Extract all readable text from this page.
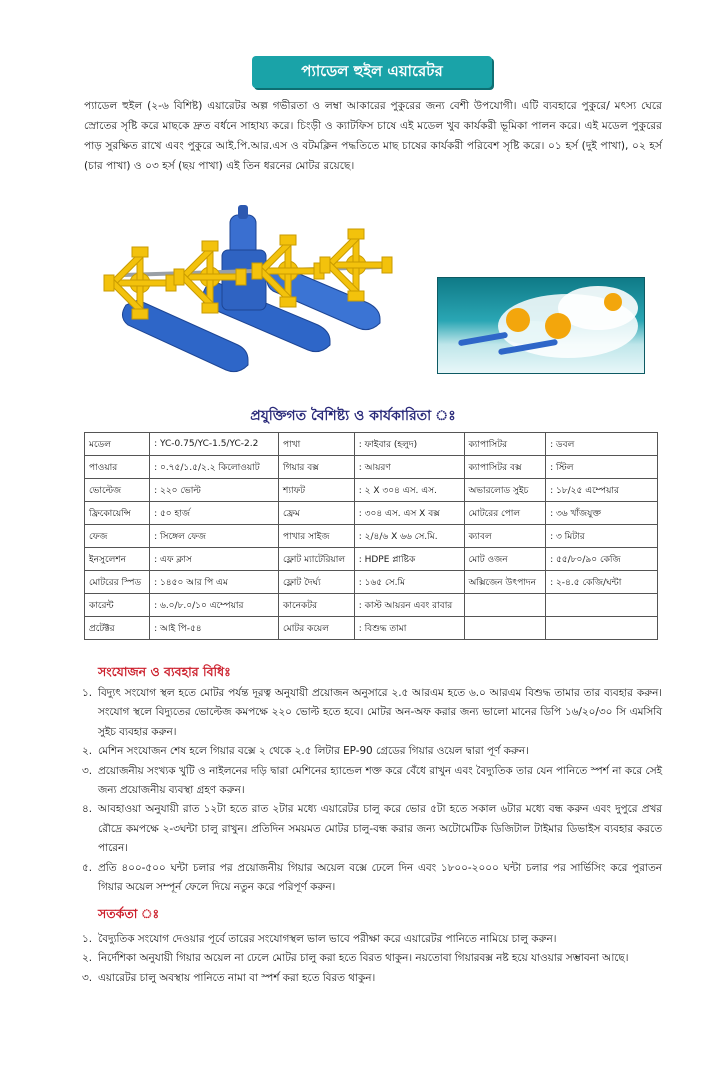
প্যাডেল হুইল এয়ারেটর
প্যাডেল হুইল (২-৬ বিশিষ্ট) এয়ারেটর অল্প গভীরতা ও লম্বা আকারের পুকুরের জন্য বেশী উপযোগী। এটি ব্যবহারে পুকুরে/ মৎস্য ঘেরে স্রোতের সৃষ্টি করে মাছকে দ্রুত বর্ধনে সাহায্য করে। চিংড়ী ও ক্যাটফিস চাষে এই মডেল খুব কার্যকরী ভূমিকা পালন করে। এই মডেল পুকুরের পাড় সুরক্ষিত রাখে এবং পুকুরে আই.পি.আর.এস ও বটমক্লিন পদ্ধতিতে মাছ চাষের কার্যকরী পরিবেশ সৃষ্টি করে। ০১ হর্স (দুই পাখা), ০২ হর্স (চার পাখা) ও ০৩ হর্স (ছয় পাখা) এই তিন ধরনের মোটর রয়েছে।
প্রযুক্তিগত বৈশিষ্ট্য ও কার্যকারিতা ঃ
মডেল	: YC-0.75/YC-1.5/YC-2.2	পাখা	: ফাইবার (হলুদ)	ক্যাপাসিটর	: ডবল
পাওয়ার	: ০.৭৫/১.৫/২.২ কিলোওয়াট	গিয়ার বক্স	: আয়রণ	ক্যাপাসিটর বক্স	: স্টিল
ভোল্টেজ	: ২২০ ভোল্ট	শ্যাফট	: ২ X ৩০৪ এস. এস.	অভারলোড সুইচ	: ১৮/২৫ এম্পেয়ার
ফ্রিকোয়েন্সি	: ৫০ হার্জ	ফ্রেম	: ৩০৪ এস. এস X বক্স	মোটরের পোল	: ৩৬ খাঁজযুক্ত
ফেজ	: সিঙ্গেল ফেজ	পাখার সাইজ	: ২/৪/৬ X ৬৬ সে.মি.	ক্যাবল	: ৩ মিটার
ইনসুলেশন	: এফ ক্লাস	ফ্লোট ম্যাটেরিয়াল	: HDPE প্লাষ্টিক	মোট ওজন	: ৫৫/৮০/৯০ কেজি
মোটরের স্পিড	: ১৪৫০ আর পি এম	ফ্লোট দৈর্ঘ্য	: ১৬৫ সে.মি	অক্সিজেন উৎপাদন	: ২-৪.৫ কেজি/ঘন্টা
কারেন্ট	: ৬.০/৮.০/১০ এম্পেয়ার	কানেকটর	: কাস্ট আয়রন এবং রাবার		
প্রটেক্টর	: আই পি-৫৪	মোটর কয়েল	: বিশুদ্ধ তামা		
সংযোজন ও ব্যবহার বিধিঃ
১. বিদ্যুৎ সংযোগ স্থল হতে মোটর পর্যন্ত দূরত্ব অনুযায়ী প্রয়োজন অনুসারে ২.৫ আরএম হতে ৬.০ আরএম বিশুদ্ধ তামার তার ব্যবহার করুন। সংযোগ স্থলে বিদ্যুতের ভোল্টেজ কমপক্ষে ২২০ ভোল্ট হতে হবে। মোটর অন-অফ করার জন্য ভালো মানের ডিপি ১৬/২০/৩০ সি এমসিবি সুইচ ব্যবহার করুন।
২. মেশিন সংযোজন শেষ হলে গিয়ার বক্সে ২ থেকে ২.৫ লিটার EP-90 গ্রেডের গিয়ার ওয়েল দ্বারা পূর্ণ করুন।
৩. প্রয়োজনীয় সংখ্যক খুটি ও নাইলনের দড়ি দ্বারা মেশিনের হ্যান্ডেল শক্ত করে বেঁধে রাখুন এবং বৈদ্যুতিক তার যেন পানিতে স্পর্শ না করে সেই জন্য প্রয়োজনীয় ব্যবস্থা গ্রহণ করুন।
৪. আবহাওয়া অনুযায়ী রাত ১২টা হতে রাত ২টার মধ্যে এয়ারেটর চালু করে ভোর ৫টা হতে সকাল ৬টার মধ্যে বন্ধ করুন এবং দুপুরে প্রখর রৌদ্রে কমপক্ষে ২-৩ঘন্টা চালু রাখুন। প্রতিদিন সময়মত মোটর চালু-বন্ধ করার জন্য অটোমেটিক ডিজিটাল টাইমার ডিভাইস ব্যবহার করতে পারেন।
৫. প্রতি ৪০০-৫০০ ঘন্টা চলার পর প্রয়োজনীয় গিয়ার অয়েল বক্সে ঢেলে দিন এবং ১৮০০-২০০০ ঘন্টা চলার পর সার্ভিসিং করে পুরাতন গিয়ার অয়েল সম্পূর্ন ফেলে দিয়ে নতুন করে পরিপূর্ণ করুন।
সতর্কতা ঃ
১. বৈদ্যুতিক সংযোগ দেওয়ার পূর্বে তারের সংযোগস্থল ভাল ভাবে পরীক্ষা করে এয়ারেটর পানিতে নামিয়ে চালু করুন।
২. নির্দেশিকা অনুযায়ী গিয়ার অয়েল না ঢেলে মোটর চালু করা হতে বিরত থাকুন। নয়তোবা গিয়ারবক্স নষ্ট হয়ে যাওয়ার সম্ভাবনা আছে।
৩. এয়ারেটর চালু অবস্থায় পানিতে নামা বা স্পর্শ করা হতে বিরত থাকুন।
